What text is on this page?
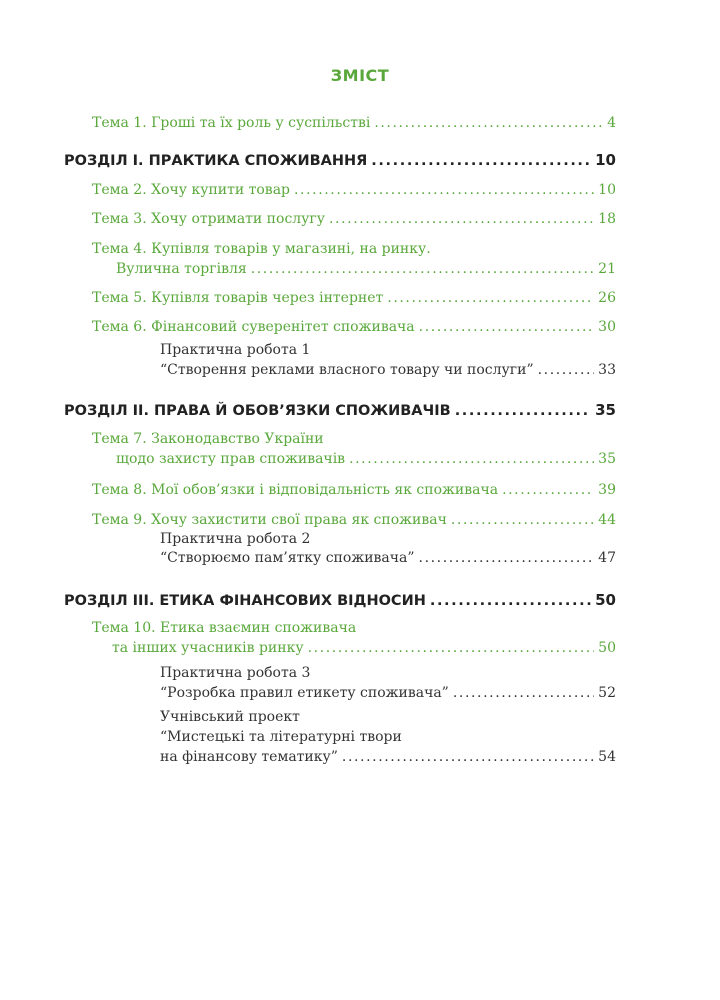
ЗМІСТ
Тема 1. Гроші та їх роль у суспільстві .....	4
РОЗДІЛ І. ПРАКТИКА СПОЖИВАННЯ .....	10
Тема 2. Хочу купити товар .....	10
Тема 3. Хочу отримати послугу .....	18
Тема 4. Купівля товарів у магазині, на ринку.
Вулична торгівля .....	21
Тема 5. Купівля товарів через інтернет .....	26
Тема 6. Фінансовий суверенітет споживача .....	30
Практична робота 1
“Створення реклами власного товару чи послуги” .....	33
РОЗДІЛ ІІ. ПРАВА Й ОБОВ’ЯЗКИ СПОЖИВАЧІВ .....	35
Тема 7. Законодавство України
щодо захисту прав споживачів .....	35
Тема 8. Мої обов’язки і відповідальність як споживача .....	39
Тема 9. Хочу захистити свої права як споживач .....	44
Практична робота 2
“Створюємо пам’ятку споживача” .....	47
РОЗДІЛ ІІІ. ЕТИКА ФІНАНСОВИХ ВІДНОСИН .....	50
Тема 10. Етика взаємин споживача
та інших учасників ринку .....	50
Практична робота 3
“Розробка правил етикету споживача” .....	52
Учнівський проект
“Мистецькі та літературні твори
на фінансову тематику” .....	54
